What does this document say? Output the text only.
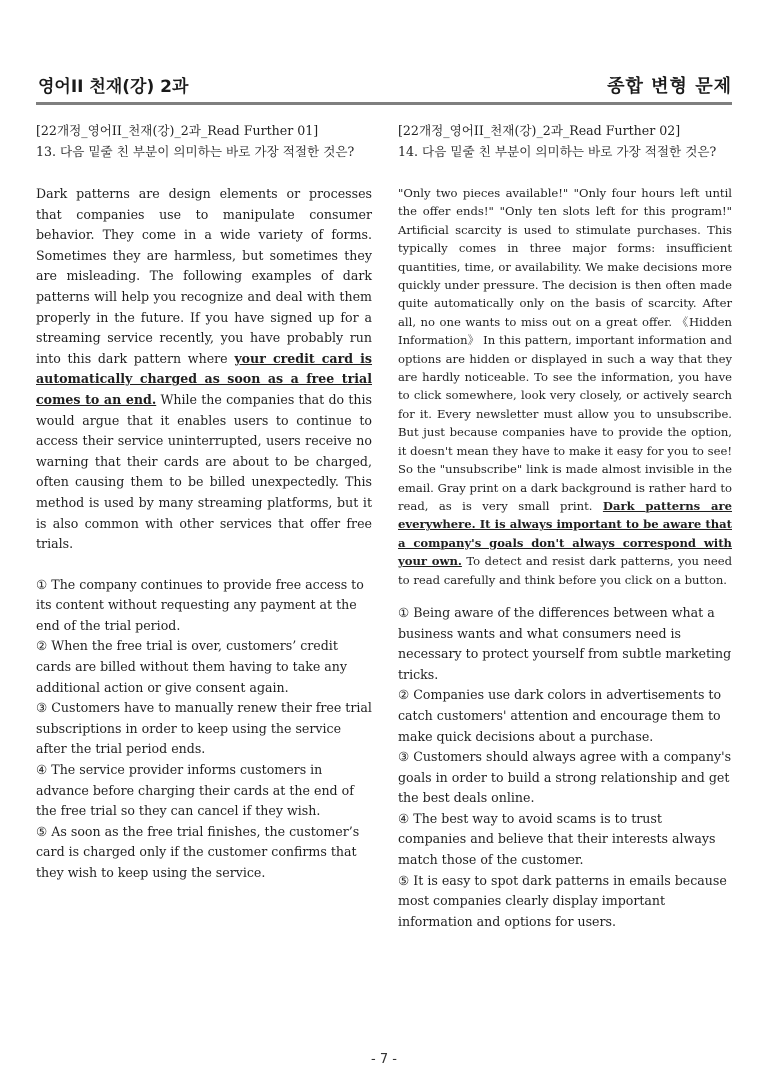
영어II 천재(강) 2과	종합 변형 문제
[22개정_영어II_천재(강)_2과_Read Further 01]
13. 다음 밑줄 친 부분이 의미하는 바로 가장 적절한 것은?
Dark patterns are design elements or processes that companies use to manipulate consumer behavior. They come in a wide variety of forms. Sometimes they are harmless, but sometimes they are misleading. The following examples of dark patterns will help you recognize and deal with them properly in the future. If you have signed up for a streaming service recently, you have probably run into this dark pattern where your credit card is automatically charged as soon as a free trial comes to an end. While the companies that do this would argue that it enables users to continue to access their service uninterrupted, users receive no warning that their cards are about to be charged, often causing them to be billed unexpectedly. This method is used by many streaming platforms, but it is also common with other services that offer free trials.
① The company continues to provide free access to its content without requesting any payment at the end of the trial period.
② When the free trial is over, customers’ credit cards are billed without them having to take any additional action or give consent again.
③ Customers have to manually renew their free trial subscriptions in order to keep using the service after the trial period ends.
④ The service provider informs customers in advance before charging their cards at the end of the free trial so they can cancel if they wish.
⑤ As soon as the free trial finishes, the customer’s card is charged only if the customer confirms that they wish to keep using the service.
[22개정_영어II_천재(강)_2과_Read Further 02]
14. 다음 밑줄 친 부분이 의미하는 바로 가장 적절한 것은?
"Only two pieces available!" "Only four hours left until the offer ends!" "Only ten slots left for this program!" Artificial scarcity is used to stimulate purchases. This typically comes in three major forms: insufficient quantities, time, or availability. We make decisions more quickly under pressure. The decision is then often made quite automatically only on the basis of scarcity. After all, no one wants to miss out on a great offer. 《Hidden Information》 In this pattern, important information and options are hidden or displayed in such a way that they are hardly noticeable. To see the information, you have to click somewhere, look very closely, or actively search for it. Every newsletter must allow you to unsubscribe. But just because companies have to provide the option, it doesn't mean they have to make it easy for you to see! So the "unsubscribe" link is made almost invisible in the email. Gray print on a dark background is rather hard to read, as is very small print. Dark patterns are everywhere. It is always important to be aware that a company's goals don't always correspond with your own. To detect and resist dark patterns, you need to read carefully and think before you click on a button.
① Being aware of the differences between what a business wants and what consumers need is necessary to protect yourself from subtle marketing tricks.
② Companies use dark colors in advertisements to catch customers' attention and encourage them to make quick decisions about a purchase.
③ Customers should always agree with a company's goals in order to build a strong relationship and get the best deals online.
④ The best way to avoid scams is to trust companies and believe that their interests always match those of the customer.
⑤ It is easy to spot dark patterns in emails because most companies clearly display important information and options for users.
- 7 -
